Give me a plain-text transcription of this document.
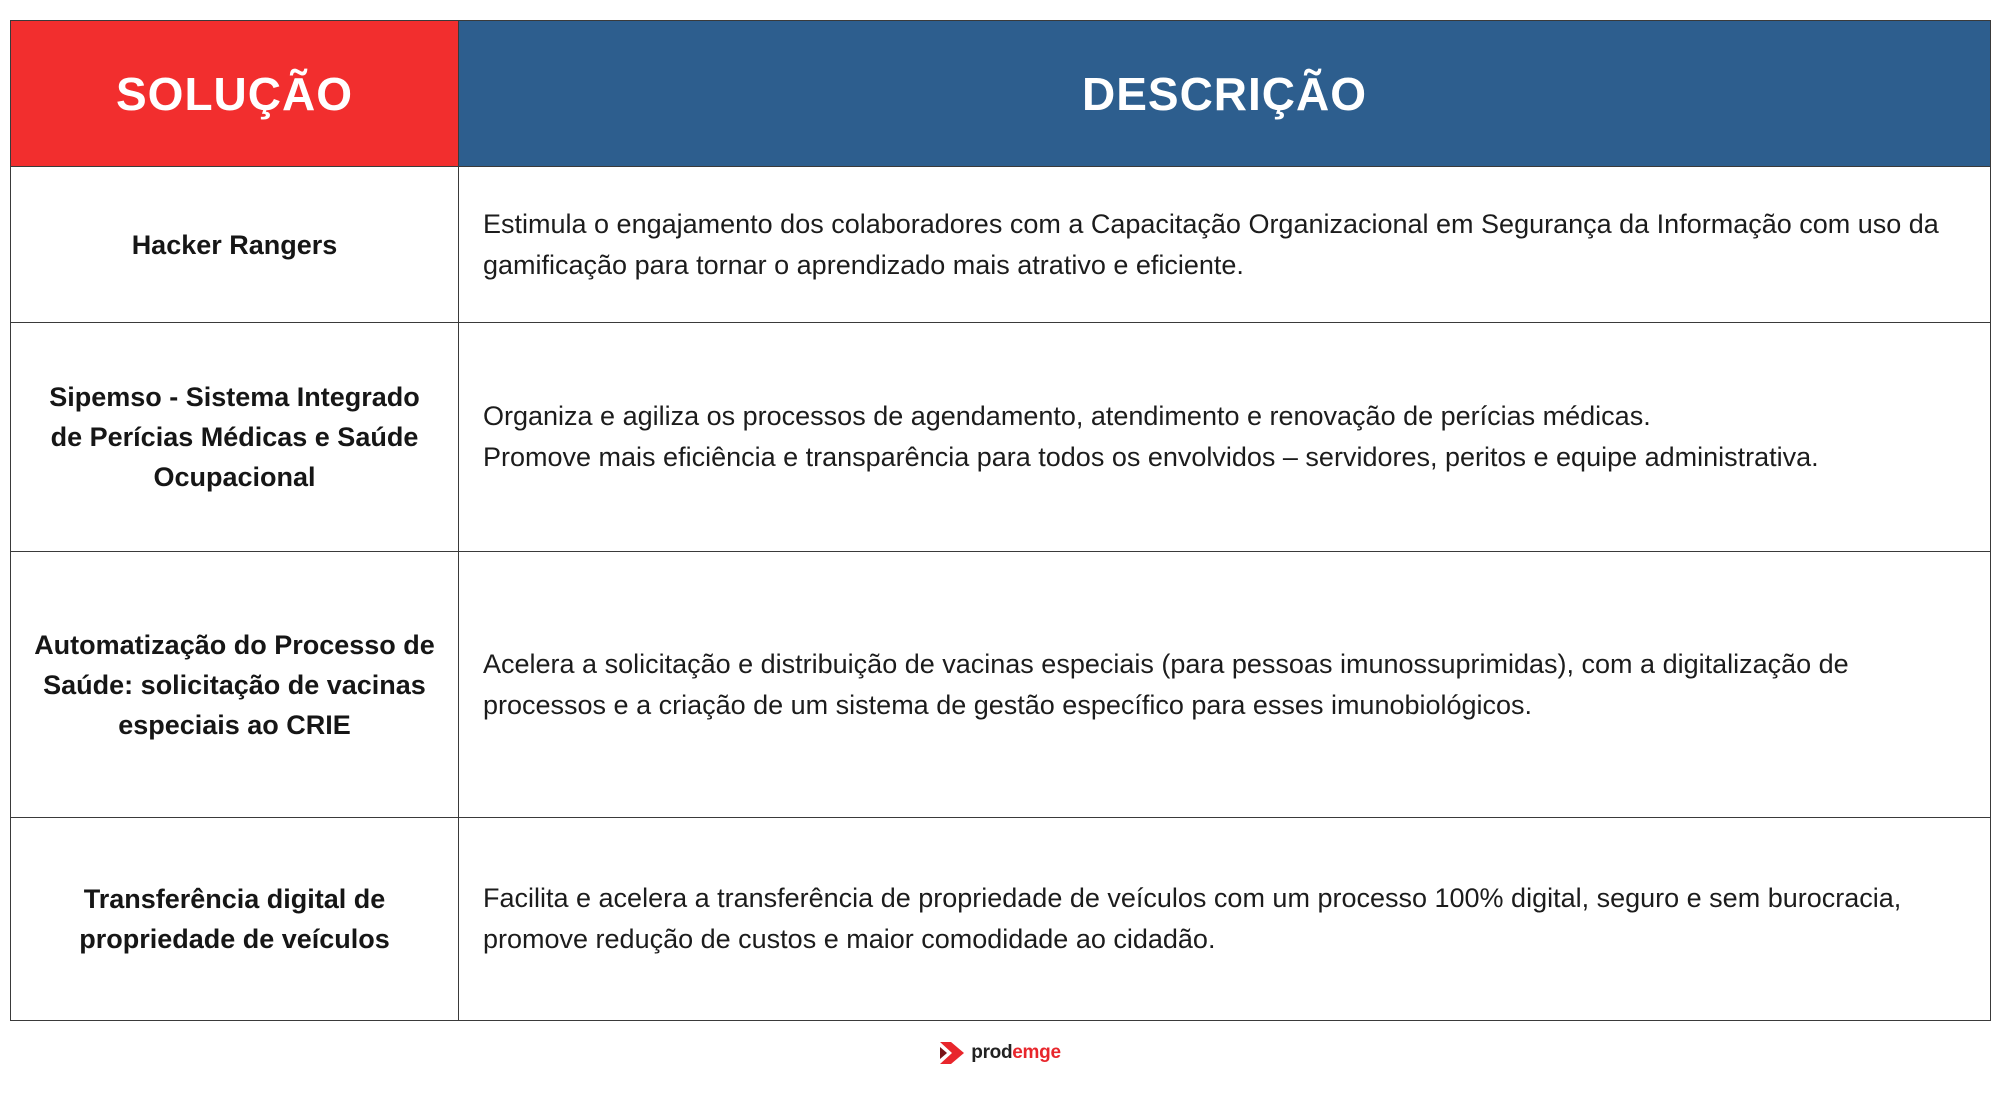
SOLUÇÃO	DESCRIÇÃO
Hacker Rangers	Estimula o engajamento dos colaboradores com a Capacitação Organizacional em Segurança da Informação com uso da gamificação para tornar o aprendizado mais atrativo e eficiente.

Sipemso - Sistema Integrado de Perícias Médicas e Saúde Ocupacional	Organiza e agiliza os processos de agendamento, atendimento e renovação de perícias médicas.
Promove mais eficiência e transparência para todos os envolvidos – servidores, peritos e equipe administrativa.

Automatização do Processo de Saúde: solicitação de vacinas especiais ao CRIE	Acelera a solicitação e distribuição de vacinas especiais (para pessoas imunossuprimidas), com a digitalização de processos e a criação de um sistema de gestão específico para esses imunobiológicos.

Transferência digital de propriedade de veículos	Facilita e acelera a transferência de propriedade de veículos com um processo 100% digital, seguro e sem burocracia, promove redução de custos e maior comodidade ao cidadão.
prodemge
